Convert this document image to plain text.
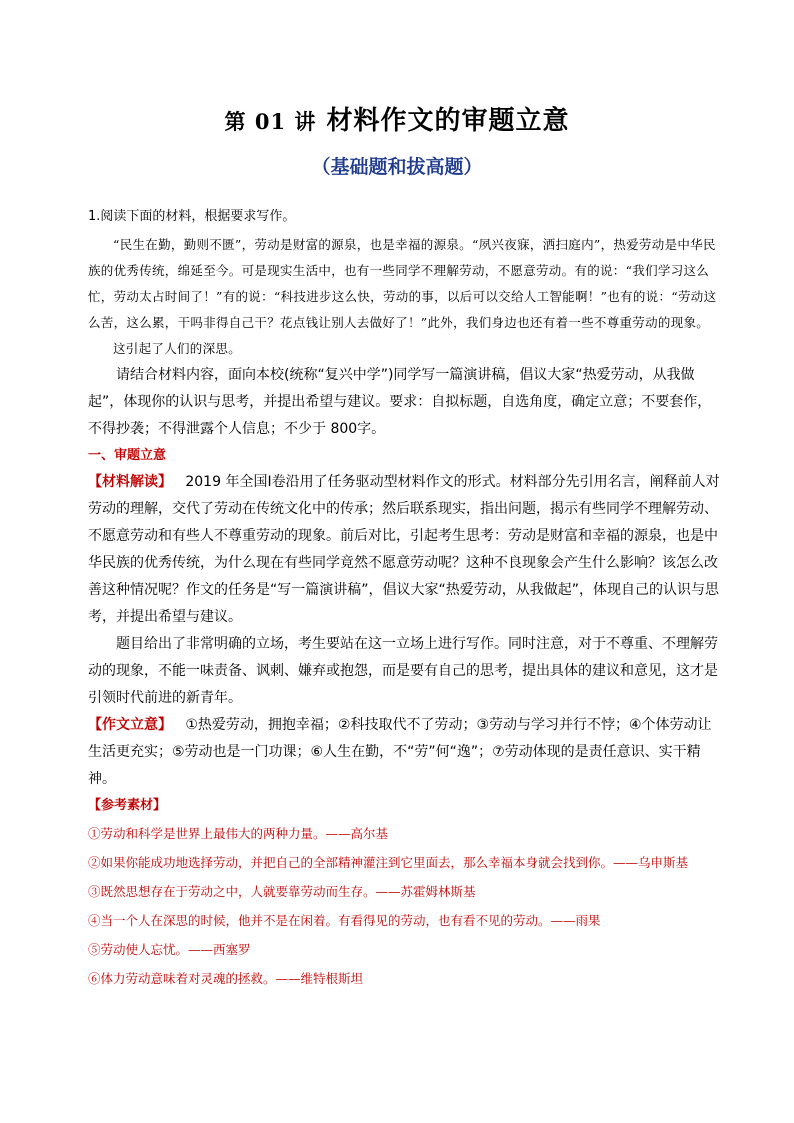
第 01 讲 材料作文的审题立意
（基础题和拔高题）

1.阅读下面的材料，根据要求写作。

“民生在勤，勤则不匮”，劳动是财富的源泉，也是幸福的源泉。“夙兴夜寐，洒扫庭内”，热爱劳动是中华民族的优秀传统，绵延至今。可是现实生活中，也有一些同学不理解劳动，不愿意劳动。有的说：“我们学习这么忙，劳动太占时间了！”有的说：“科技进步这么快，劳动的事，以后可以交给人工智能啊！”也有的说：“劳动这么苦，这么累，干吗非得自己干？花点钱让别人去做好了！”此外，我们身边也还有着一些不尊重劳动的现象。

这引起了人们的深思。

请结合材料内容，面向本校(统称“复兴中学”)同学写一篇演讲稿，倡议大家“热爱劳动，从我做起”，体现你的认识与思考，并提出希望与建议。要求：自拟标题，自选角度，确定立意；不要套作，不得抄袭；不得泄露个人信息；不少于 800字。

一、审题立意

【材料解读】 2019 年全国Ⅰ卷沿用了任务驱动型材料作文的形式。材料部分先引用名言，阐释前人对劳动的理解，交代了劳动在传统文化中的传承；然后联系现实，指出问题，揭示有些同学不理解劳动、不愿意劳动和有些人不尊重劳动的现象。前后对比，引起考生思考：劳动是财富和幸福的源泉，也是中华民族的优秀传统，为什么现在有些同学竟然不愿意劳动呢？这种不良现象会产生什么影响？该怎么改善这种情况呢？作文的任务是“写一篇演讲稿”，倡议大家“热爱劳动，从我做起”，体现自己的认识与思考，并提出希望与建议。

题目给出了非常明确的立场，考生要站在这一立场上进行写作。同时注意，对于不尊重、不理解劳动的现象，不能一味责备、讽刺、嫌弃或抱怨，而是要有自己的思考，提出具体的建议和意见，这才是引领时代前进的新青年。

【作文立意】 ①热爱劳动，拥抱幸福；②科技取代不了劳动；③劳动与学习并行不悖；④个体劳动让生活更充实；⑤劳动也是一门功课；⑥人生在勤，不“劳”何“逸”；⑦劳动体现的是责任意识、实干精神。

【参考素材】

①劳动和科学是世界上最伟大的两种力量。——高尔基

②如果你能成功地选择劳动，并把自己的全部精神灌注到它里面去，那么幸福本身就会找到你。——乌申斯基

③既然思想存在于劳动之中，人就要靠劳动而生存。——苏霍姆林斯基

④当一个人在深思的时候，他并不是在闲着。有看得见的劳动，也有看不见的劳动。——雨果

⑤劳动使人忘忧。——西塞罗

⑥体力劳动意味着对灵魂的拯救。——维特根斯坦
